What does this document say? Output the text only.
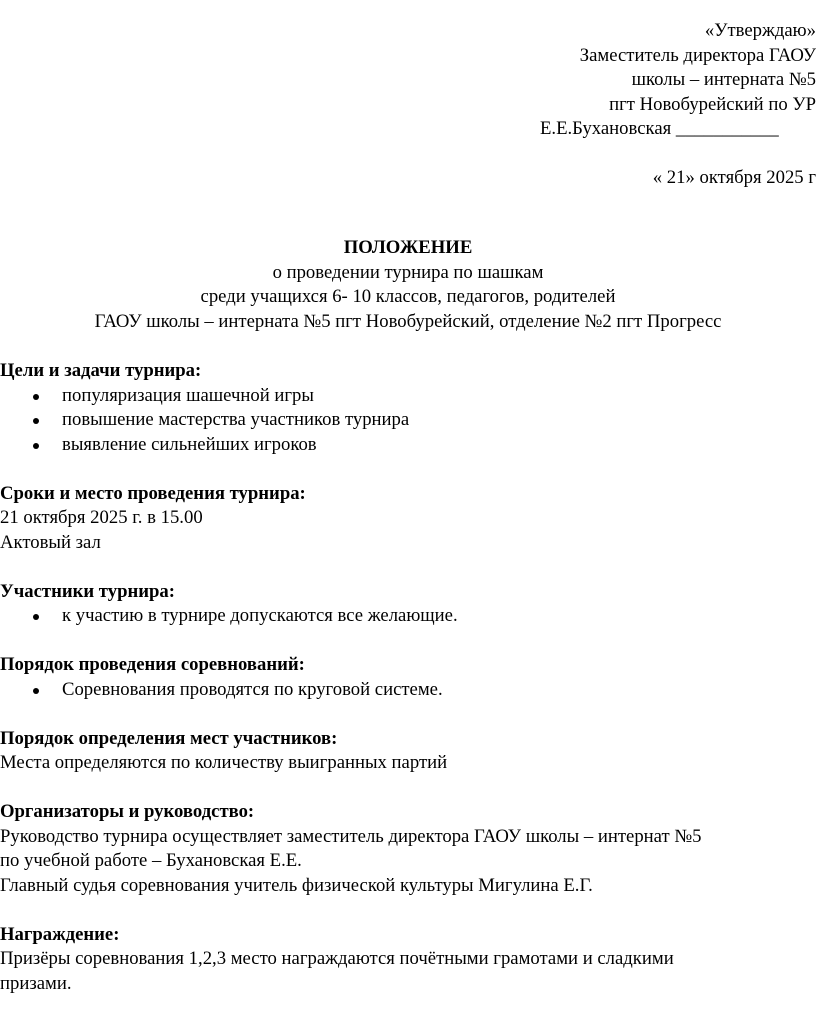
«Утверждаю»
Заместитель директора ГАОУ
школы – интерната №5
пгт Новобурейский по УР
Е.Е.Бухановская ___________
« 21» октября 2025 г
ПОЛОЖЕНИЕ
о проведении турнира по шашкам
среди учащихся 6- 10 классов, педагогов, родителей
ГАОУ школы – интерната №5 пгт Новобурейский, отделение №2 пгт Прогресс
Цели и задачи турнира:
популяризация шашечной игры
повышение мастерства участников турнира
выявление сильнейших игроков
Сроки и место проведения турнира:
21 октября 2025 г. в 15.00
Актовый зал
Участники турнира:
к участию в турнире допускаются все желающие.
Порядок проведения соревнований:
Соревнования проводятся по круговой системе.
Порядок определения мест участников:
Места определяются по количеству выигранных партий
Организаторы и руководство:
Руководство турнира осуществляет заместитель директора ГАОУ школы – интернат №5
по учебной работе – Бухановская Е.Е.
Главный судья соревнования учитель физической культуры Мигулина Е.Г.
Награждение:
Призёры соревнования 1,2,3 место награждаются почётными грамотами и сладкими
призами.
